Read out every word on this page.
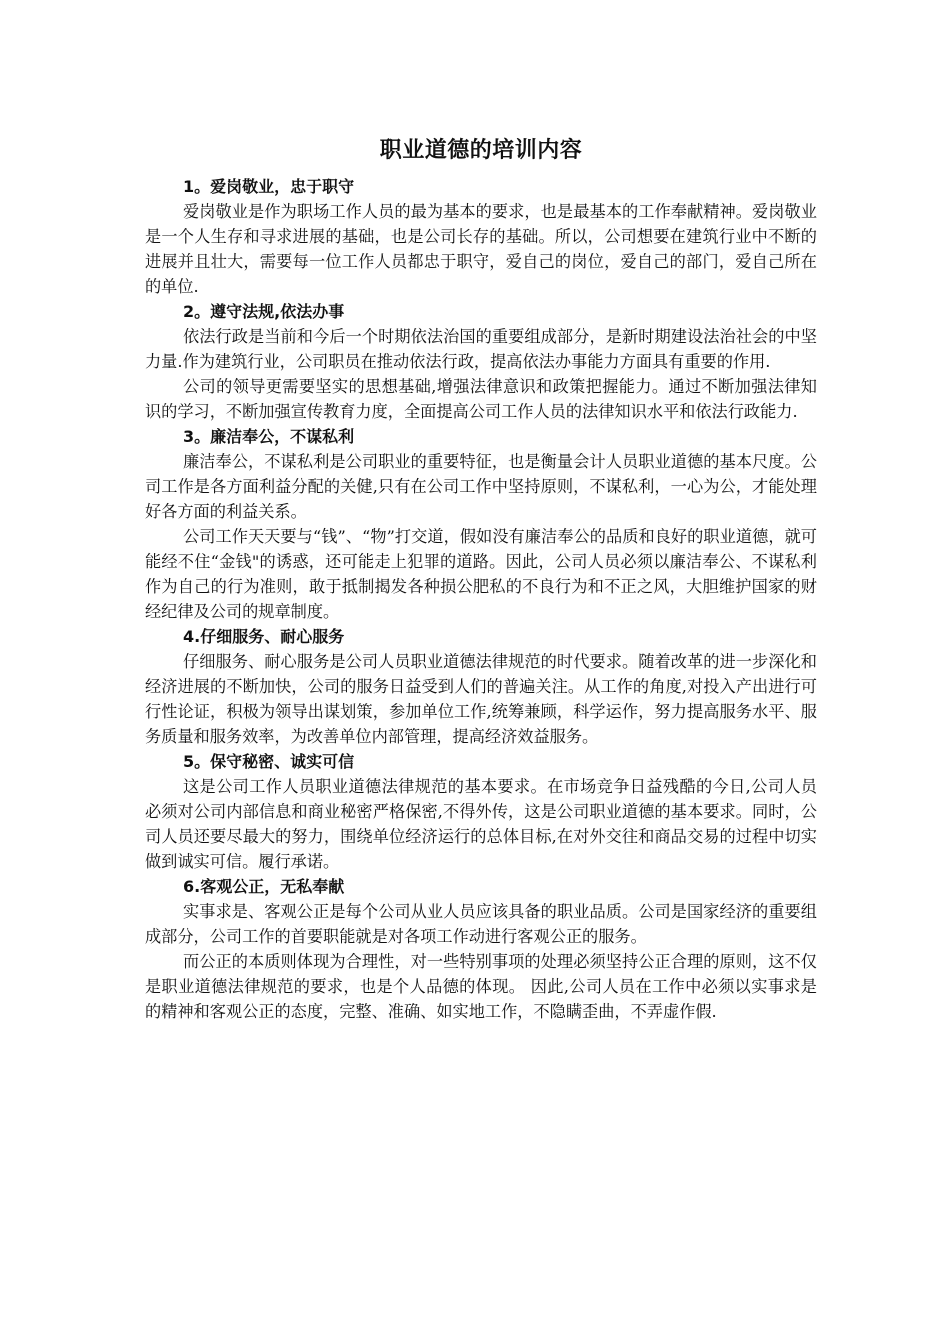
职业道德的培训内容

1。爱岗敬业，忠于职守

爱岗敬业是作为职场工作人员的最为基本的要求，也是最基本的工作奉献精神。爱岗敬业是一个人生存和寻求进展的基础，也是公司长存的基础。所以，公司想要在建筑行业中不断的进展并且壮大，需要每一位工作人员都忠于职守，爱自己的岗位，爱自己的部门，爱自己所在的单位.

2。遵守法规,依法办事

依法行政是当前和今后一个时期依法治国的重要组成部分，是新时期建设法治社会的中坚力量.作为建筑行业，公司职员在推动依法行政，提高依法办事能力方面具有重要的作用.

公司的领导更需要坚实的思想基础,增强法律意识和政策把握能力。通过不断加强法律知识的学习，不断加强宣传教育力度，全面提高公司工作人员的法律知识水平和依法行政能力.

3。廉洁奉公，不谋私利

廉洁奉公，不谋私利是公司职业的重要特征，也是衡量会计人员职业道德的基本尺度。公司工作是各方面利益分配的关健,只有在公司工作中坚持原则，不谋私利，一心为公，才能处理好各方面的利益关系。

公司工作天天要与“钱”、“物”打交道，假如没有廉洁奉公的品质和良好的职业道德，就可能经不住“金钱"的诱惑，还可能走上犯罪的道路。因此，公司人员必须以廉洁奉公、不谋私利作为自己的行为准则，敢于抵制揭发各种损公肥私的不良行为和不正之风，大胆维护国家的财经纪律及公司的规章制度。

4.仔细服务、耐心服务

仔细服务、耐心服务是公司人员职业道德法律规范的时代要求。随着改革的进一步深化和经济进展的不断加快，公司的服务日益受到人们的普遍关注。从工作的角度,对投入产出进行可行性论证，积极为领导出谋划策，参加单位工作,统筹兼顾，科学运作，努力提高服务水平、服务质量和服务效率，为改善单位内部管理，提高经济效益服务。

5。保守秘密、诚实可信

这是公司工作人员职业道德法律规范的基本要求。在市场竞争日益残酷的今日,公司人员必须对公司内部信息和商业秘密严格保密,不得外传，这是公司职业道德的基本要求。同时，公司人员还要尽最大的努力，围绕单位经济运行的总体目标,在对外交往和商品交易的过程中切实做到诚实可信。履行承诺。

6.客观公正，无私奉献

实事求是、客观公正是每个公司从业人员应该具备的职业品质。公司是国家经济的重要组成部分，公司工作的首要职能就是对各项工作动进行客观公正的服务。

而公正的本质则体现为合理性，对一些特别事项的处理必须坚持公正合理的原则，这不仅是职业道德法律规范的要求，也是个人品德的体现。 因此,公司人员在工作中必须以实事求是的精神和客观公正的态度，完整、准确、如实地工作，不隐瞒歪曲，不弄虚作假.
